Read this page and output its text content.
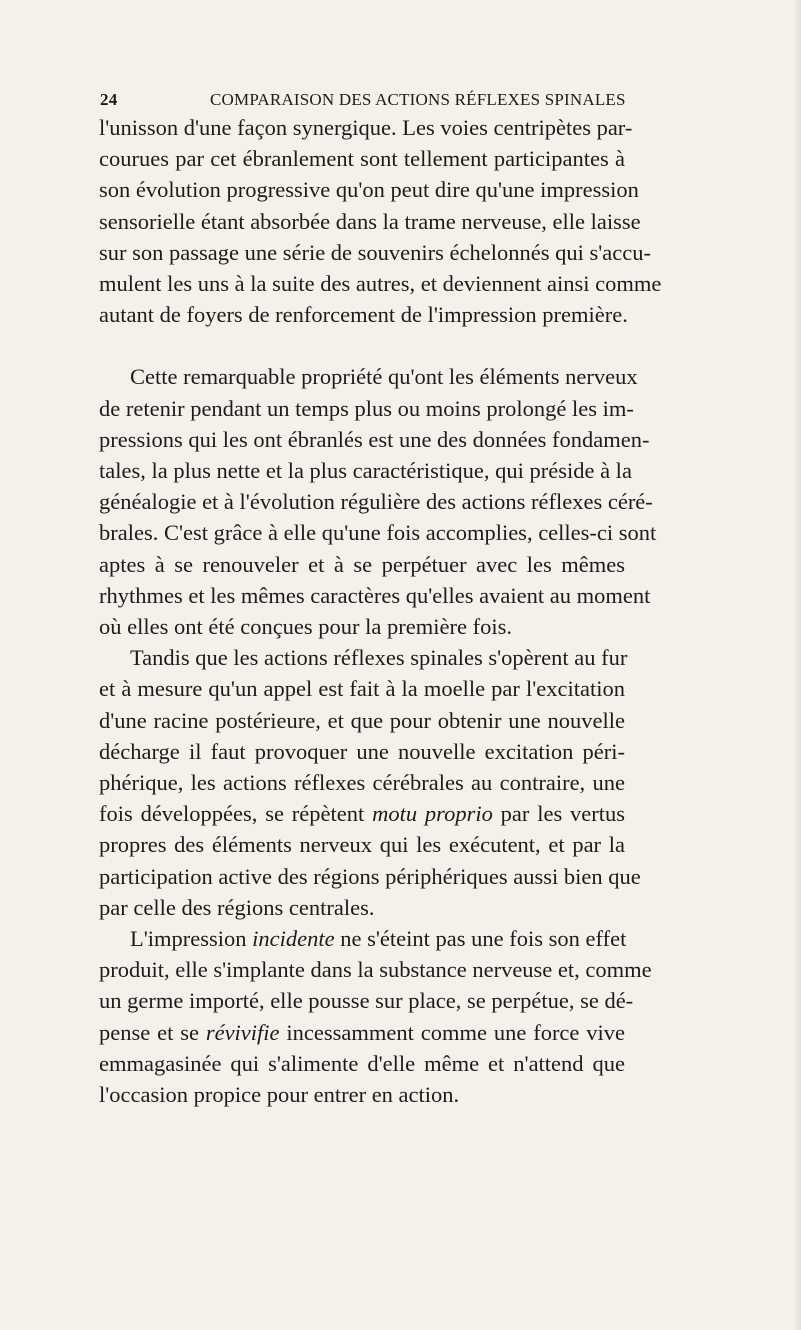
24	COMPARAISON DES ACTIONS RÉFLEXES SPINALES

l'unisson d'une façon synergique. Les voies centripètes par-
courues par cet ébranlement sont tellement participantes à
son évolution progressive qu'on peut dire qu'une impression
sensorielle étant absorbée dans la trame nerveuse, elle laisse
sur son passage une série de souvenirs échelonnés qui s'accu-
mulent les uns à la suite des autres, et deviennent ainsi comme
autant de foyers de renforcement de l'impression première.

Cette remarquable propriété qu'ont les éléments nerveux
de retenir pendant un temps plus ou moins prolongé les im-
pressions qui les ont ébranlés est une des données fondamen-
tales, la plus nette et la plus caractéristique, qui préside à la
généalogie et à l'évolution régulière des actions réflexes céré-
brales. C'est grâce à elle qu'une fois accomplies, celles-ci sont
aptes à se renouveler et à se perpétuer avec les mêmes
rhythmes et les mêmes caractères qu'elles avaient au moment
où elles ont été conçues pour la première fois.

Tandis que les actions réflexes spinales s'opèrent au fur
et à mesure qu'un appel est fait à la moelle par l'excitation
d'une racine postérieure, et que pour obtenir une nouvelle
décharge il faut provoquer une nouvelle excitation péri-
phérique, les actions réflexes cérébrales au contraire, une
fois développées, se répètent motu proprio par les vertus
propres des éléments nerveux qui les exécutent, et par la
participation active des régions périphériques aussi bien que
par celle des régions centrales.

L'impression incidente ne s'éteint pas une fois son effet
produit, elle s'implante dans la substance nerveuse et, comme
un germe importé, elle pousse sur place, se perpétue, se dé-
pense et se révivifie incessamment comme une force vive
emmagasinée qui s'alimente d'elle même et n'attend que
l'occasion propice pour entrer en action.
